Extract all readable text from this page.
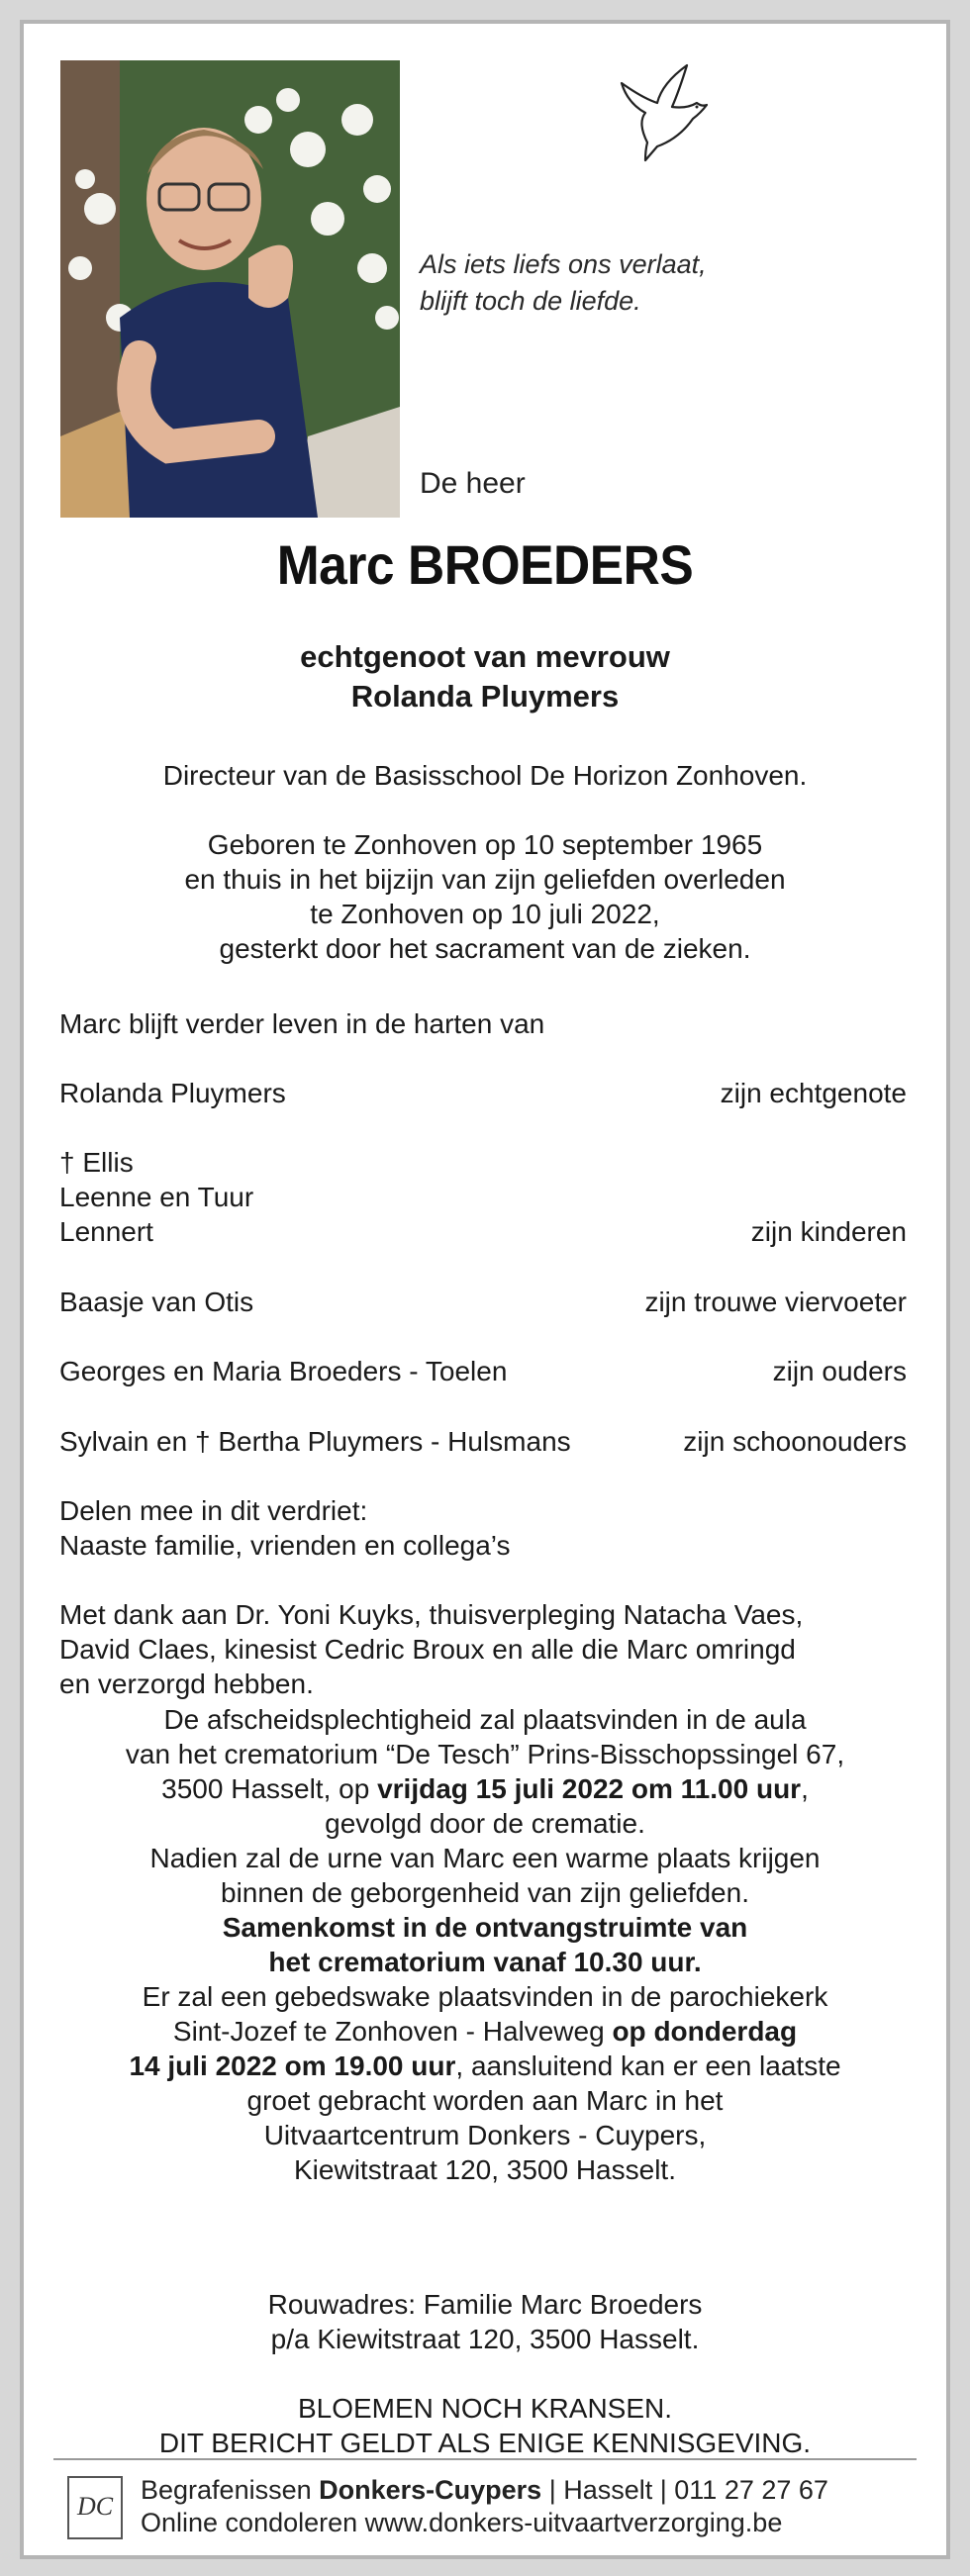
Als iets liefs ons verlaat,
blijft toch de liefde.
De heer
Marc BROEDERS
echtgenoot van mevrouw
Rolanda Pluymers
Directeur van de Basisschool De Horizon Zonhoven.
Geboren te Zonhoven op 10 september 1965
en thuis in het bijzijn van zijn geliefden overleden
te Zonhoven op 10 juli 2022,
gesterkt door het sacrament van de zieken.
Marc blijft verder leven in de harten van
Rolanda Pluymers	zijn echtgenote
† Ellis
Leenne en Tuur
Lennert	zijn kinderen
Baasje van Otis	zijn trouwe viervoeter
Georges en Maria Broeders - Toelen	zijn ouders
Sylvain en † Bertha Pluymers - Hulsmans	zijn schoonouders
Delen mee in dit verdriet:
Naaste familie, vrienden en collega’s
Met dank aan Dr. Yoni Kuyks, thuisverpleging Natacha Vaes,
David Claes, kinesist Cedric Broux en alle die Marc omringd
en verzorgd hebben.
De afscheidsplechtigheid zal plaatsvinden in de aula
van het crematorium “De Tesch” Prins-Bisschopssingel 67,
3500 Hasselt, op vrijdag 15 juli 2022 om 11.00 uur,
gevolgd door de crematie.
Nadien zal de urne van Marc een warme plaats krijgen
binnen de geborgenheid van zijn geliefden.
Samenkomst in de ontvangstruimte van
het crematorium vanaf 10.30 uur.
Er zal een gebedswake plaatsvinden in de parochiekerk
Sint-Jozef te Zonhoven - Halveweg op donderdag
14 juli 2022 om 19.00 uur, aansluitend kan er een laatste
groet gebracht worden aan Marc in het
Uitvaartcentrum Donkers - Cuypers,
Kiewitstraat 120, 3500 Hasselt.
Rouwadres: Familie Marc Broeders
p/a Kiewitstraat 120, 3500 Hasselt.
BLOEMEN NOCH KRANSEN.
DIT BERICHT GELDT ALS ENIGE KENNISGEVING.
DC
Begrafenissen Donkers-Cuypers | Hasselt | 011 27 27 67
Online condoleren www.donkers-uitvaartverzorging.be
